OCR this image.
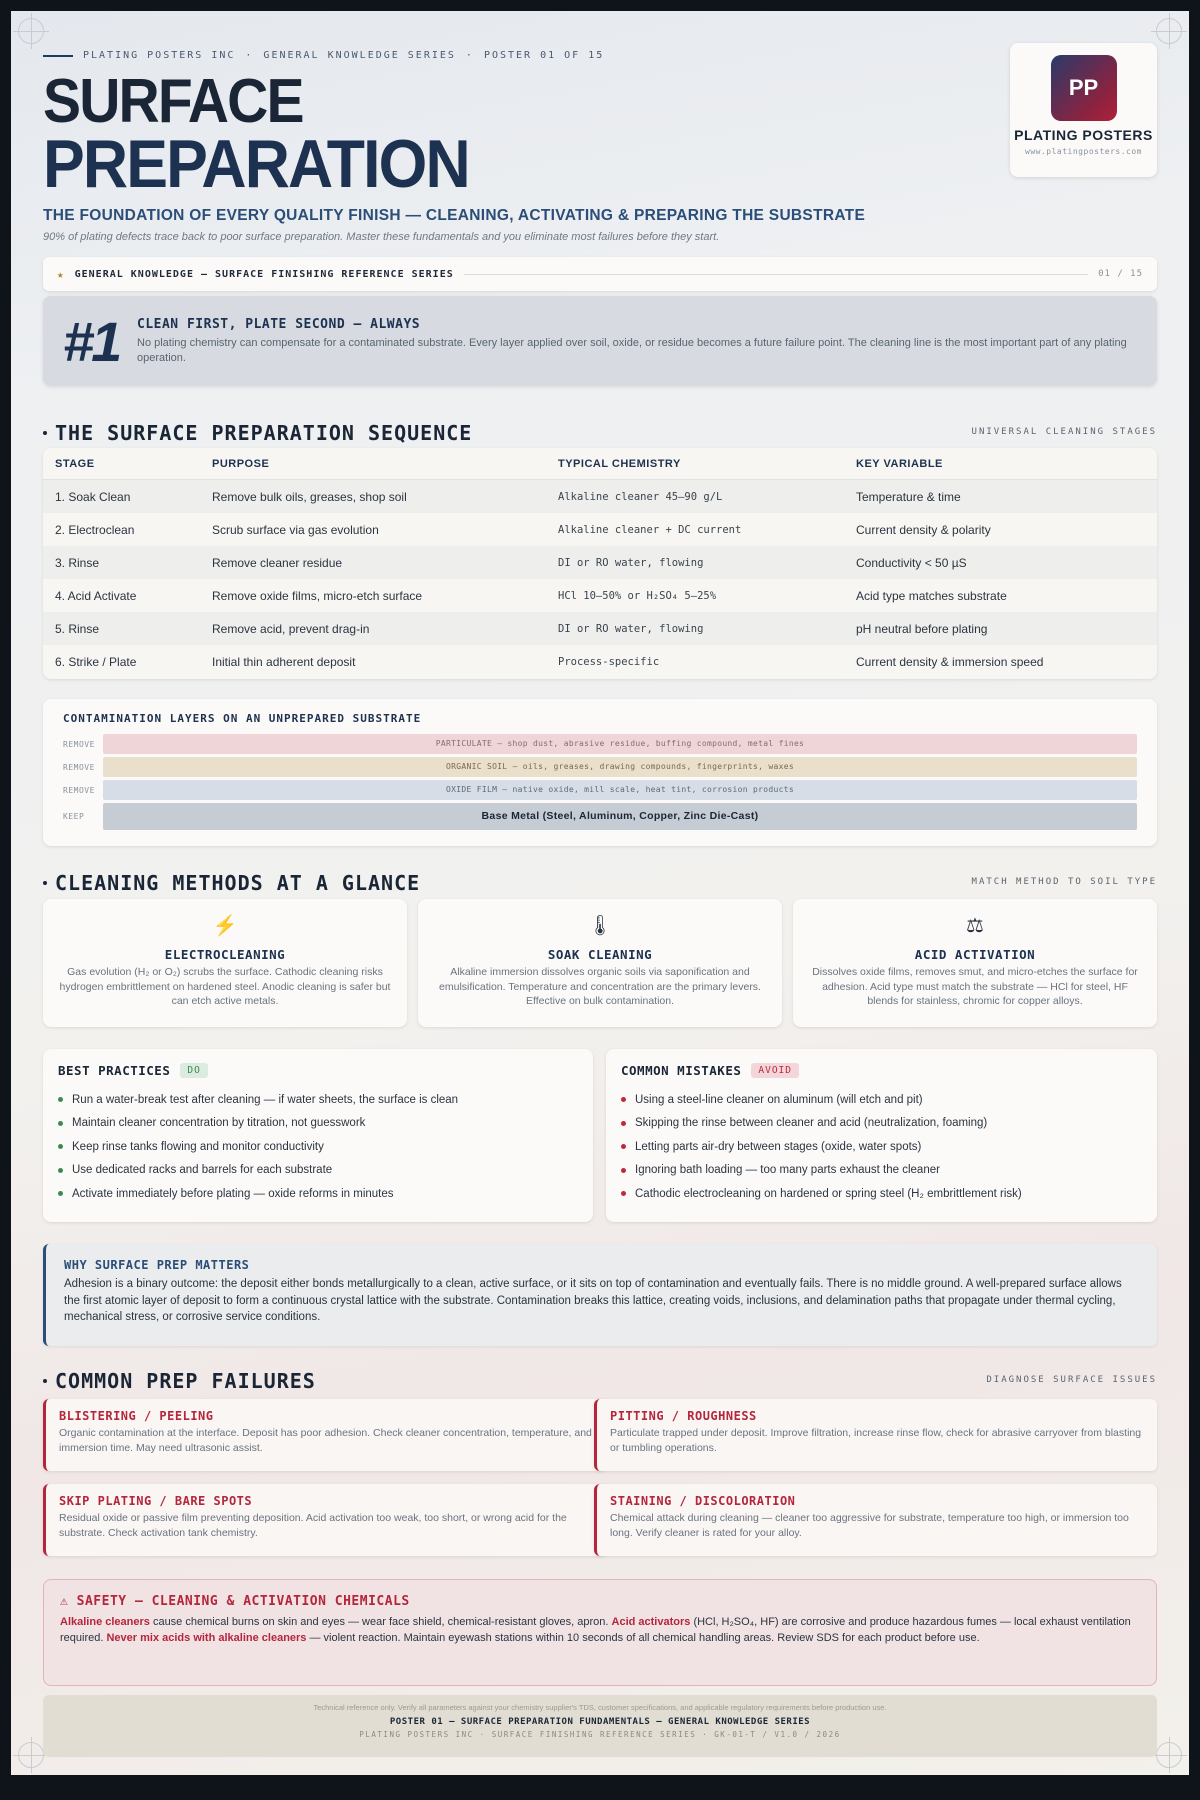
PLATING POSTERS INC · GENERAL KNOWLEDGE SERIES · POSTER 01 OF 15
SURFACE
PREPARATION
THE FOUNDATION OF EVERY QUALITY FINISH — CLEANING, ACTIVATING & PREPARING THE SUBSTRATE
90% of plating defects trace back to poor surface preparation. Master these fundamentals and you eliminate most failures before they start.
PP
PLATING POSTERS
www.platingposters.com
★ GENERAL KNOWLEDGE — SURFACE FINISHING REFERENCE SERIES	01 / 15
#1	CLEAN FIRST, PLATE SECOND — ALWAYS
No plating chemistry can compensate for a contaminated substrate. Every layer applied over soil, oxide, or residue becomes a future failure point. The cleaning line is the most important part of any plating operation.
THE SURFACE PREPARATION SEQUENCE	UNIVERSAL CLEANING STAGES
STAGE	PURPOSE	TYPICAL CHEMISTRY	KEY VARIABLE
1. Soak Clean	Remove bulk oils, greases, shop soil	Alkaline cleaner 45–90 g/L	Temperature & time
2. Electroclean	Scrub surface via gas evolution	Alkaline cleaner + DC current	Current density & polarity
3. Rinse	Remove cleaner residue	DI or RO water, flowing	Conductivity < 50 µS
4. Acid Activate	Remove oxide films, micro-etch surface	HCl 10–50% or H₂SO₄ 5–25%	Acid type matches substrate
5. Rinse	Remove acid, prevent drag-in	DI or RO water, flowing	pH neutral before plating
6. Strike / Plate	Initial thin adherent deposit	Process-specific	Current density & immersion speed
CONTAMINATION LAYERS ON AN UNPREPARED SUBSTRATE
REMOVE	PARTICULATE — shop dust, abrasive residue, buffing compound, metal fines
REMOVE	ORGANIC SOIL — oils, greases, drawing compounds, fingerprints, waxes
REMOVE	OXIDE FILM — native oxide, mill scale, heat tint, corrosion products
KEEP	Base Metal (Steel, Aluminum, Copper, Zinc Die-Cast)
CLEANING METHODS AT A GLANCE	MATCH METHOD TO SOIL TYPE
⚡
ELECTROCLEANING

Gas evolution (H₂ or O₂) scrubs the surface. Cathodic cleaning risks hydrogen embrittlement on hardened steel. Anodic cleaning is safer but can etch active metals.

🌡
SOAK CLEANING

Alkaline immersion dissolves organic soils via saponification and emulsification. Temperature and concentration are the primary levers. Effective on bulk contamination.

⚖
ACID ACTIVATION

Dissolves oxide films, removes smut, and micro-etches the surface for adhesion. Acid type must match the substrate — HCl for steel, HF blends for stainless, chromic for copper alloys.

BEST PRACTICES	DO
Run a water-break test after cleaning — if water sheets, the surface is clean
Maintain cleaner concentration by titration, not guesswork
Keep rinse tanks flowing and monitor conductivity
Use dedicated racks and barrels for each substrate
Activate immediately before plating — oxide reforms in minutes
COMMON MISTAKES	AVOID
Using a steel-line cleaner on aluminum (will etch and pit)
Skipping the rinse between cleaner and acid (neutralization, foaming)
Letting parts air-dry between stages (oxide, water spots)
Ignoring bath loading — too many parts exhaust the cleaner
Cathodic electrocleaning on hardened or spring steel (H₂ embrittlement risk)
WHY SURFACE PREP MATTERS

Adhesion is a binary outcome: the deposit either bonds metallurgically to a clean, active surface, or it sits on top of contamination and eventually fails. There is no middle ground. A well-prepared surface allows the first atomic layer of deposit to form a continuous crystal lattice with the substrate. Contamination breaks this lattice, creating voids, inclusions, and delamination paths that propagate under thermal cycling, mechanical stress, or corrosive service conditions.

COMMON PREP FAILURES	DIAGNOSE SURFACE ISSUES
BLISTERING / PEELING

Organic contamination at the interface. Deposit has poor adhesion. Check cleaner concentration, temperature, and immersion time. May need ultrasonic assist.

PITTING / ROUGHNESS

Particulate trapped under deposit. Improve filtration, increase rinse flow, check for abrasive carryover from blasting or tumbling operations.

SKIP PLATING / BARE SPOTS

Residual oxide or passive film preventing deposition. Acid activation too weak, too short, or wrong acid for the substrate. Check activation tank chemistry.

STAINING / DISCOLORATION

Chemical attack during cleaning — cleaner too aggressive for substrate, temperature too high, or immersion too long. Verify cleaner is rated for your alloy.

⚠ SAFETY — CLEANING & ACTIVATION CHEMICALS

Alkaline cleaners cause chemical burns on skin and eyes — wear face shield, chemical-resistant gloves, apron. Acid activators (HCl, H₂SO₄, HF) are corrosive and produce hazardous fumes — local exhaust ventilation required. Never mix acids with alkaline cleaners — violent reaction. Maintain eyewash stations within 10 seconds of all chemical handling areas. Review SDS for each product before use.

Technical reference only. Verify all parameters against your chemistry supplier's TDS, customer specifications, and applicable regulatory requirements before production use.
POSTER 01 — SURFACE PREPARATION FUNDAMENTALS — GENERAL KNOWLEDGE SERIES
PLATING POSTERS INC · SURFACE FINISHING REFERENCE SERIES · GK-01-T / V1.0 / 2026
